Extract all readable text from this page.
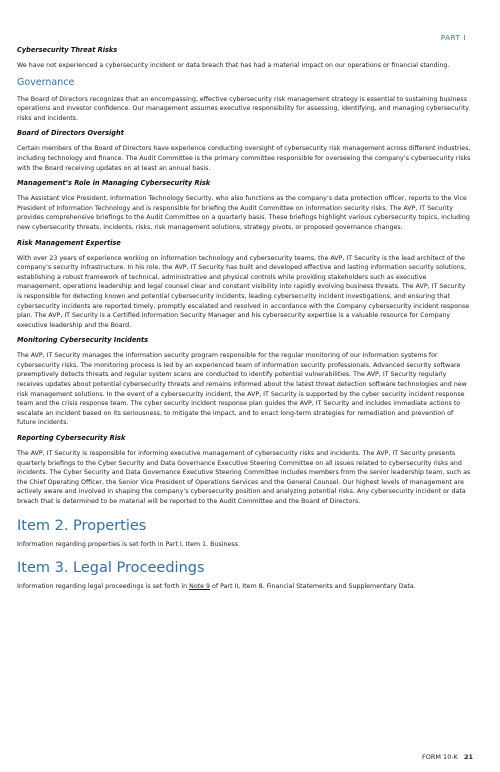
PART I
Cybersecurity Threat Risks

We have not experienced a cybersecurity incident or data breach that has had a material impact on our operations or financial standing.

Governance

The Board of Directors recognizes that an encompassing, effective cybersecurity risk management strategy is essential to sustaining business operations and investor confidence. Our management assumes executive responsibility for assessing, identifying, and managing cybersecurity risks and incidents.

Board of Directors Oversight

Certain members of the Board of Directors have experience conducting oversight of cybersecurity risk management across different industries, including technology and finance. The Audit Committee is the primary committee responsible for overseeing the company’s cybersecurity risks with the Board receiving updates on at least an annual basis.

Management’s Role in Managing Cybersecurity Risk

The Assistant Vice President, Information Technology Security, who also functions as the company’s data protection officer, reports to the Vice President of Information Technology and is responsible for briefing the Audit Committee on information security risks. The AVP, IT Security provides comprehensive briefings to the Audit Committee on a quarterly basis. These briefings highlight various cybersecurity topics, including new cybersecurity threats, incidents, risks, risk management solutions, strategy pivots, or proposed governance changes.

Risk Management Expertise

With over 23 years of experience working on information technology and cybersecurity teams, the AVP, IT Security is the lead architect of the company’s security infrastructure. In his role, the AVP, IT Security has built and developed effective and lasting information security solutions, establishing a robust framework of technical, administrative and physical controls while providing stakeholders such as executive management, operations leadership and legal counsel clear and constant visibility into rapidly evolving business threats. The AVP, IT Security is responsible for detecting known and potential cybersecurity incidents, leading cybersecurity incident investigations, and ensuring that cybersecurity incidents are reported timely, promptly escalated and resolved in accordance with the Company cybersecurity incident response plan. The AVP, IT Security is a Certified Information Security Manager and his cybersecurity expertise is a valuable resource for Company executive leadership and the Board.

Monitoring Cybersecurity Incidents

The AVP, IT Security manages the information security program responsible for the regular monitoring of our information systems for cybersecurity risks. The monitoring process is led by an experienced team of information security professionals. Advanced security software preemptively detects threats and regular system scans are conducted to identify potential vulnerabilities. The AVP, IT Security regularly receives updates about potential cybersecurity threats and remains informed about the latest threat detection software technologies and new risk management solutions. In the event of a cybersecurity incident, the AVP, IT Security is supported by the cyber security incident response team and the crisis response team. The cyber security incident response plan guides the AVP, IT Security and includes immediate actions to escalate an incident based on its seriousness, to mitigate the impact, and to enact long-term strategies for remediation and prevention of future incidents.

Reporting Cybersecurity Risk

The AVP, IT Security is responsible for informing executive management of cybersecurity risks and incidents. The AVP, IT Security presents quarterly briefings to the Cyber Security and Data Governance Executive Steering Committee on all issues related to cybersecurity risks and incidents. The Cyber Security and Data Governance Executive Steering Committee includes members from the senior leadership team, such as the Chief Operating Officer, the Senior Vice President of Operations Services and the General Counsel. Our highest levels of management are actively aware and involved in shaping the company’s cybersecurity position and analyzing potential risks. Any cybersecurity incident or data breach that is determined to be material will be reported to the Audit Committee and the Board of Directors.

Item 2. Properties

Information regarding properties is set forth in Part I, Item 1. Business.

Item 3. Legal Proceedings

Information regarding legal proceedings is set forth in Note 9 of Part II, Item 8. Financial Statements and Supplementary Data.

FORM 10-K 21
